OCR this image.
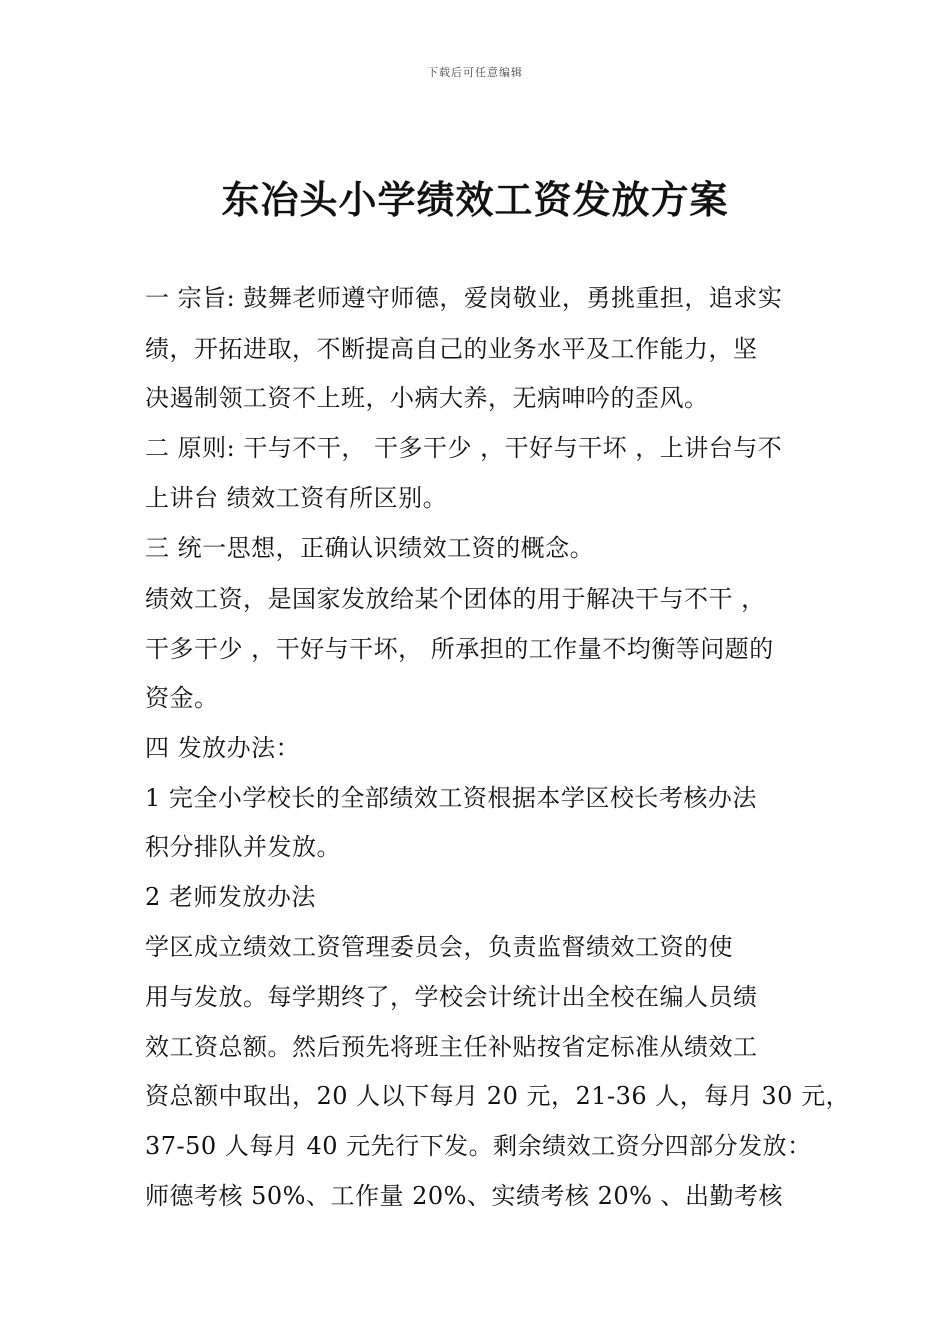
下载后可任意编辑
东冶头小学绩效工资发放方案
一 宗旨: 鼓舞老师遵守师德，爱岗敬业，勇挑重担，追求实
绩，开拓进取，不断提高自己的业务水平及工作能力，坚
决遏制领工资不上班，小病大养，无病呻吟的歪风。
二 原则: 干与不干， 干多干少 ，干好与干坏 ，上讲台与不
上讲台 绩效工资有所区别。
三 统一思想，正确认识绩效工资的概念。
绩效工资，是国家发放给某个团体的用于解决干与不干 ，
干多干少 ，干好与干坏， 所承担的工作量不均衡等问题的
资金。
四 发放办法：
1 完全小学校长的全部绩效工资根据本学区校长考核办法
积分排队并发放。
2 老师发放办法
学区成立绩效工资管理委员会，负责监督绩效工资的使
用与发放。每学期终了，学校会计统计出全校在编人员绩
效工资总额。然后预先将班主任补贴按省定标准从绩效工
资总额中取出，20 人以下每月 20 元，21-36 人，每月 30 元，
37-50 人每月 40 元先行下发。剩余绩效工资分四部分发放：
师德考核 50%、工作量 20%、实绩考核 20% 、出勤考核
